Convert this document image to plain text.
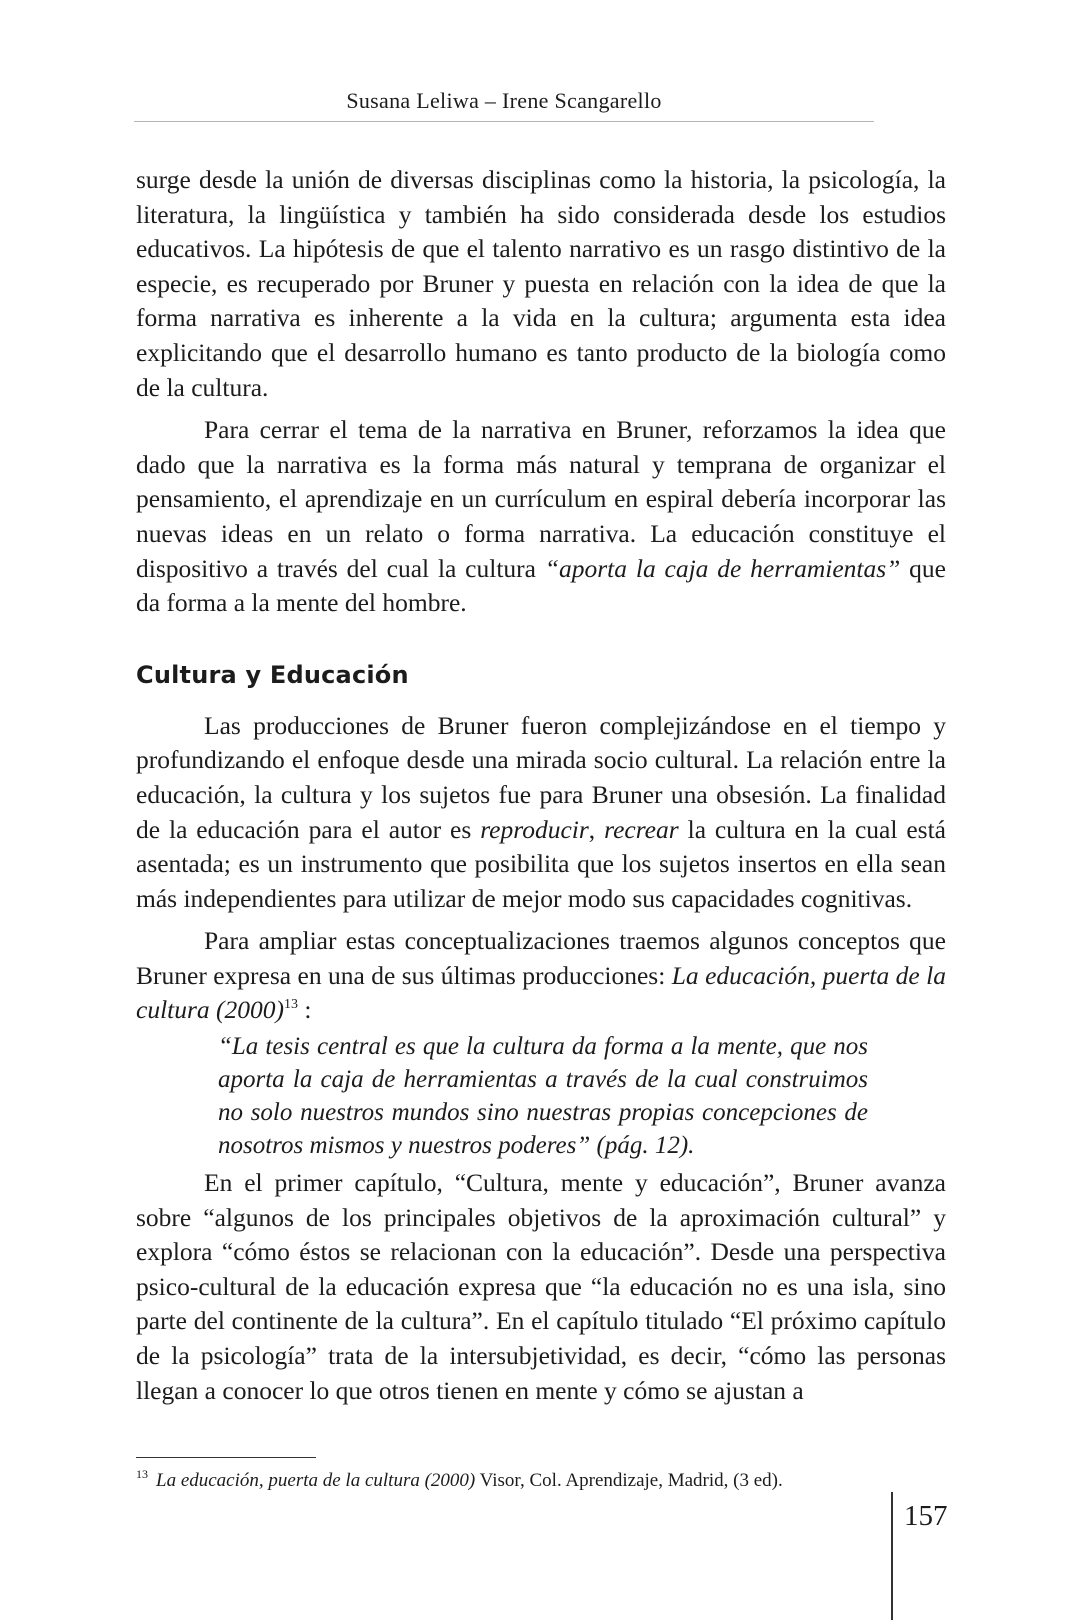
Susana Leliwa – Irene Scangarello

surge desde la unión de diversas disciplinas como la historia, la psicología, la literatura, la lingüística y también ha sido considerada desde los estudios educativos. La hipótesis de que el talento narrativo es un rasgo distintivo de la especie, es recuperado por Bruner y puesta en relación con la idea de que la forma narrativa es inherente a la vida en la cultura; argumenta esta idea explicitando que el desarrollo humano es tanto producto de la biología como de la cultura.

Para cerrar el tema de la narrativa en Bruner, reforzamos la idea que dado que la narrativa es la forma más natural y temprana de organizar el pensamiento, el aprendizaje en un currículum en espiral debería incorporar las nuevas ideas en un relato o forma narrativa. La educación constituye el dispositivo a través del cual la cultura “aporta la caja de herramientas” que da forma a la mente del hombre.

Cultura y Educación

Las producciones de Bruner fueron complejizándose en el tiempo y profundizando el enfoque desde una mirada socio cultural. La relación entre la educación, la cultura y los sujetos fue para Bruner una obsesión. La finalidad de la educación para el autor es reproducir, recrear la cultura en la cual está asentada; es un instrumento que posibilita que los sujetos insertos en ella sean más independientes para utilizar de mejor modo sus capacidades cognitivas.

Para ampliar estas conceptualizaciones traemos algunos conceptos que Bruner expresa en una de sus últimas producciones: La educación, puerta de la cultura $(2000)^{13}$ :

“La tesis central es que la cultura da forma a la mente, que nos aporta la caja de herramientas a través de la cual construimos no solo nuestros mundos sino nuestras propias concepciones de nosotros mismos y nuestros poderes” (pág. 12).

En el primer capítulo, “Cultura, mente y educación”, Bruner avanza sobre “algunos de los principales objetivos de la aproximación cultural” y explora “cómo éstos se relacionan con la educación”. Desde una perspectiva psico-cultural de la educación expresa que “la educación no es una isla, sino parte del continente de la cultura”. En el capítulo titulado “El próximo capítulo de la psicología” trata de la intersubjetividad, es decir, “cómo las personas llegan a conocer lo que otros tienen en mente y cómo se ajustan a

$^{13}$ La educación, puerta de la cultura (2000) Visor, Col. Aprendizaje, Madrid, (3 ed).
157
